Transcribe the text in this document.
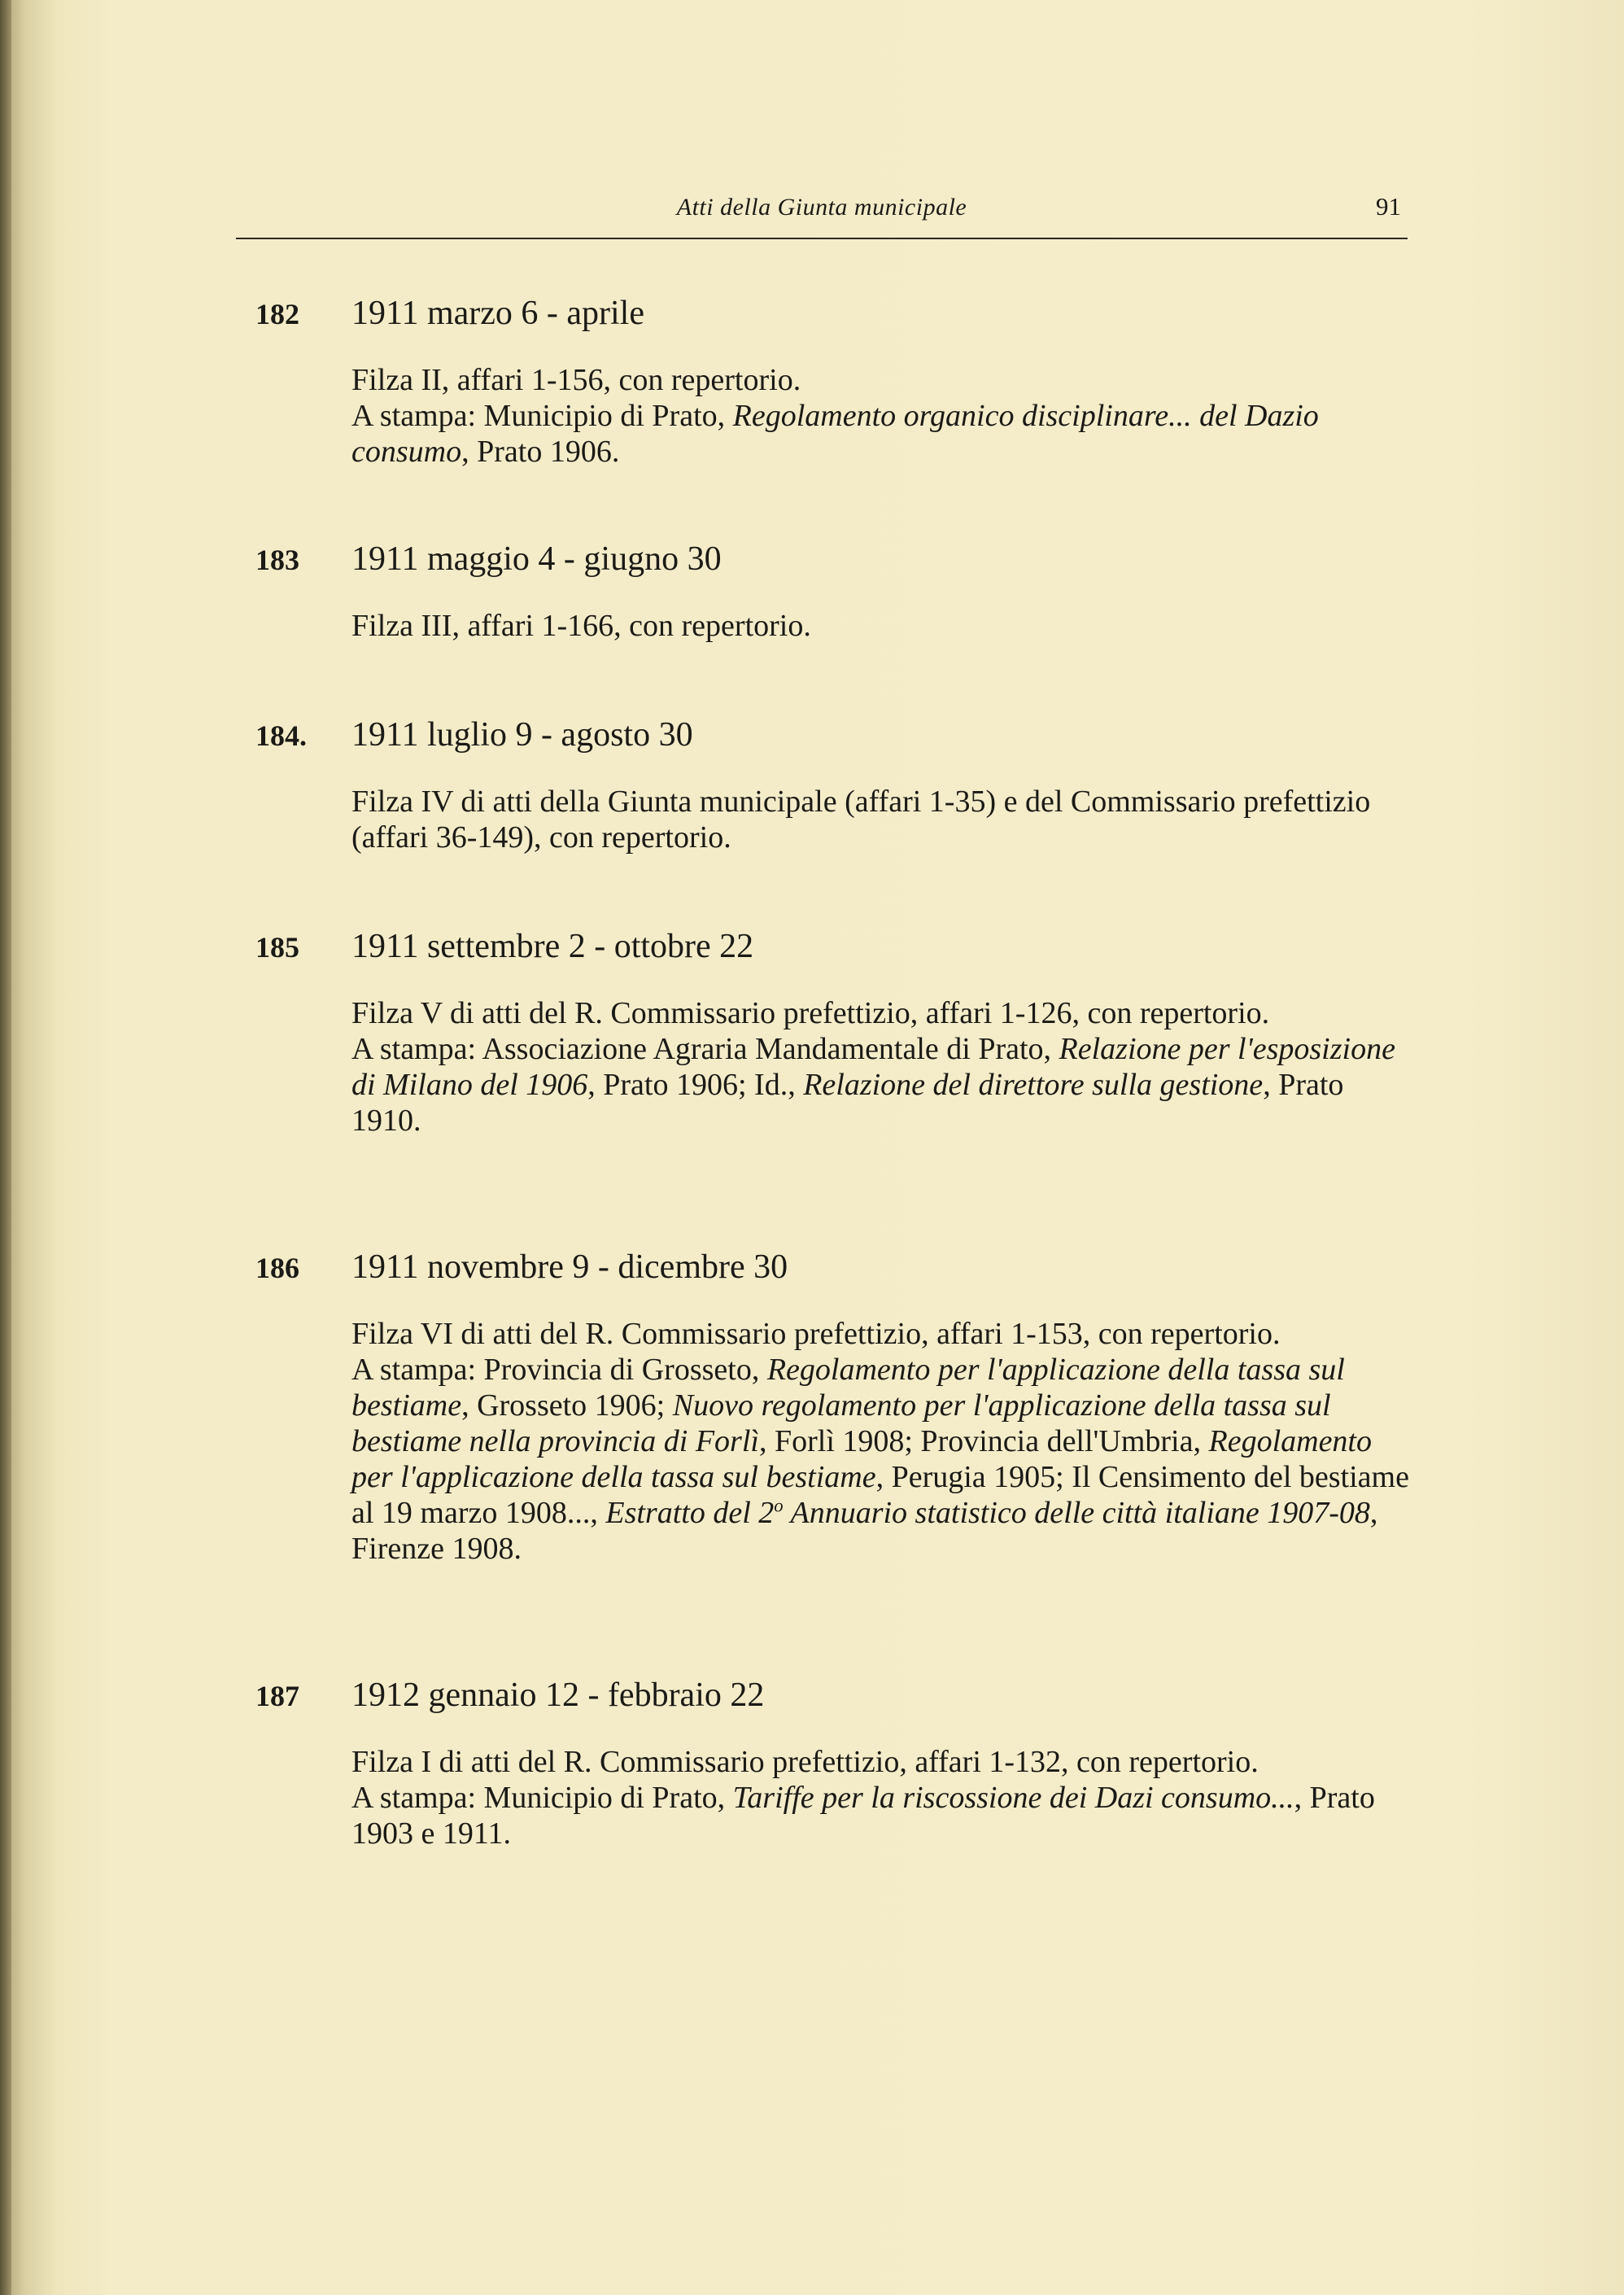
Atti della Giunta municipale	91
182 1911 marzo 6 - aprile

Filza II, affari 1-156, con repertorio.

A stampa: Municipio di Prato, Regolamento organico disciplinare... del Dazio consumo, Prato 1906.

183 1911 maggio 4 - giugno 30

Filza III, affari 1-166, con repertorio.

184. 1911 luglio 9 - agosto 30

Filza IV di atti della Giunta municipale (affari 1-35) e del Commissario prefettizio (affari 36-149), con repertorio.

185 1911 settembre 2 - ottobre 22

Filza V di atti del R. Commissario prefettizio, affari 1-126, con repertorio.

A stampa: Associazione Agraria Mandamentale di Prato, Relazione per l'esposizione di Milano del 1906, Prato 1906; Id., Relazione del direttore sulla gestione, Prato 1910.

186 1911 novembre 9 - dicembre 30

Filza VI di atti del R. Commissario prefettizio, affari 1-153, con repertorio.

A stampa: Provincia di Grosseto, Regolamento per l'applicazione della tassa sul bestiame, Grosseto 1906; Nuovo regolamento per l'applicazione della tassa sul bestiame nella provincia di Forlì, Forlì 1908; Provincia dell'Umbria, Regolamento per l'applicazione della tassa sul bestiame, Perugia 1905; Il Censimento del bestiame al 19 marzo 1908..., Estratto del 2$^o$ Annuario statistico delle città italiane 1907-08, Firenze 1908.

187 1912 gennaio 12 - febbraio 22

Filza I di atti del R. Commissario prefettizio, affari 1-132, con repertorio.

A stampa: Municipio di Prato, Tariffe per la riscossione dei Dazi consumo..., Prato 1903 e 1911.
